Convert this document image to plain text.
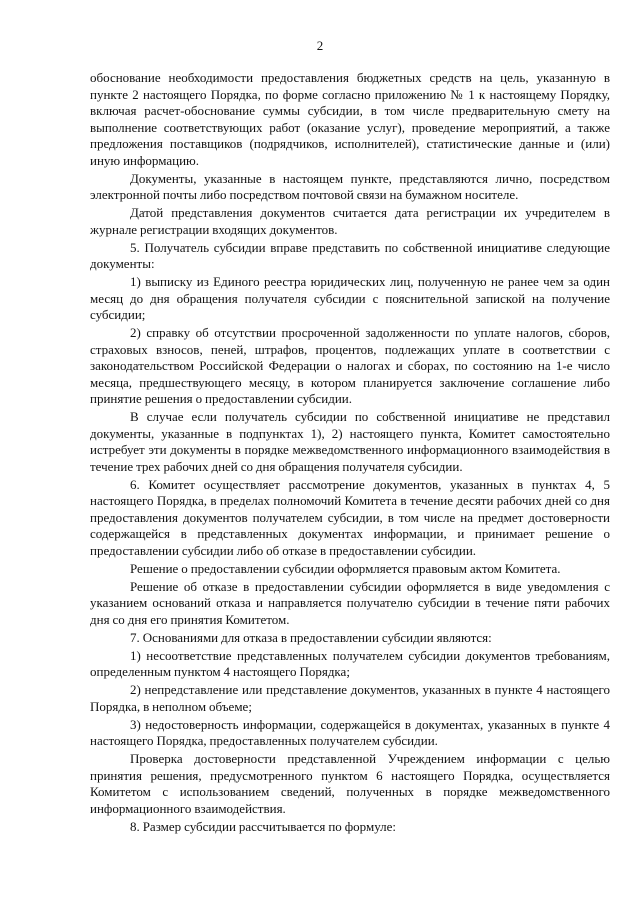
2

обоснование необходимости предоставления бюджетных средств на цель, указанную в пункте 2 настоящего Порядка, по форме согласно приложению № 1 к настоящему Порядку, включая расчет-обоснование суммы субсидии, в том числе предварительную смету на выполнение соответствующих работ (оказание услуг), проведение мероприятий, а также предложения поставщиков (подрядчиков, исполнителей), статистические данные и (или) иную информацию.

Документы, указанные в настоящем пункте, представляются лично, посредством электронной почты либо посредством почтовой связи на бумажном носителе.

Датой представления документов считается дата регистрации их учредителем в журнале регистрации входящих документов.

5. Получатель субсидии вправе представить по собственной инициативе следующие документы:

1) выписку из Единого реестра юридических лиц, полученную не ранее чем за один месяц до дня обращения получателя субсидии с пояснительной запиской на получение субсидии;

2) справку об отсутствии просроченной задолженности по уплате налогов, сборов, страховых взносов, пеней, штрафов, процентов, подлежащих уплате в соответствии с законодательством Российской Федерации о налогах и сборах, по состоянию на 1-е число месяца, предшествующего месяцу, в котором планируется заключение соглашение либо принятие решения о предоставлении субсидии.

В случае если получатель субсидии по собственной инициативе не представил документы, указанные в подпунктах 1), 2) настоящего пункта, Комитет самостоятельно истребует эти документы в порядке межведомственного информационного взаимодействия в течение трех рабочих дней со дня обращения получателя субсидии.

6. Комитет осуществляет рассмотрение документов, указанных в пунктах 4, 5 настоящего Порядка, в пределах полномочий Комитета в течение десяти рабочих дней со дня предоставления документов получателем субсидии, в том числе на предмет достоверности содержащейся в представленных документах информации, и принимает решение о предоставлении субсидии либо об отказе в предоставлении субсидии.

Решение о предоставлении субсидии оформляется правовым актом Комитета.

Решение об отказе в предоставлении субсидии оформляется в виде уведомления с указанием оснований отказа и направляется получателю субсидии в течение пяти рабочих дня со дня его принятия Комитетом.

7. Основаниями для отказа в предоставлении субсидии являются:

1) несоответствие представленных получателем субсидии документов требованиям, определенным пунктом 4 настоящего Порядка;

2) непредставление или представление документов, указанных в пункте 4 настоящего Порядка, в неполном объеме;

3) недостоверность информации, содержащейся в документах, указанных в пункте 4 настоящего Порядка, предоставленных получателем субсидии.

Проверка достоверности представленной Учреждением информации с целью принятия решения, предусмотренного пунктом 6 настоящего Порядка, осуществляется Комитетом с использованием сведений, полученных в порядке межведомственного информационного взаимодействия.

8. Размер субсидии рассчитывается по формуле:
